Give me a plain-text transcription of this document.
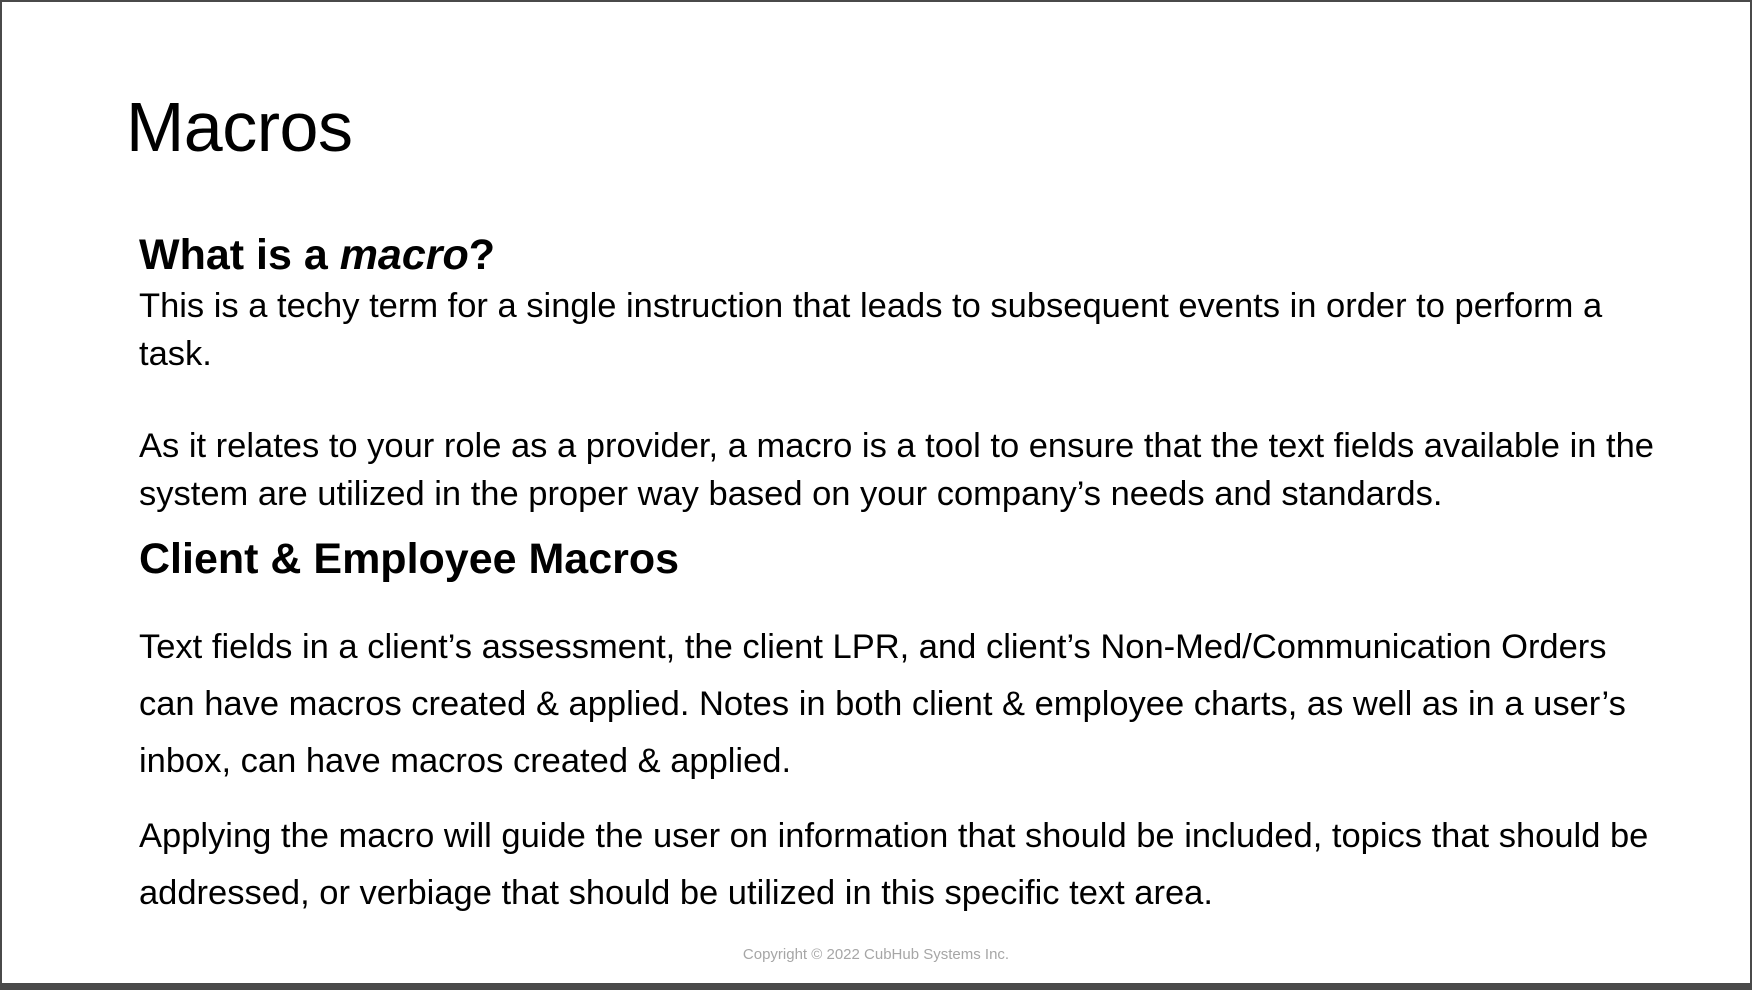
Macros
What is a macro?

This is a techy term for a single instruction that leads to subsequent events in order to perform a task.

As it relates to your role as a provider, a macro is a tool to ensure that the text fields available in the system are utilized in the proper way based on your company’s needs and standards.

Client & Employee Macros

Text fields in a client’s assessment, the client LPR, and client’s Non-Med/Communication Orders can have macros created & applied. Notes in both client & employee charts, as well as in a user’s inbox, can have macros created & applied.

Applying the macro will guide the user on information that should be included, topics that should be addressed, or verbiage that should be utilized in this specific text area.

Copyright © 2022 CubHub Systems Inc.
